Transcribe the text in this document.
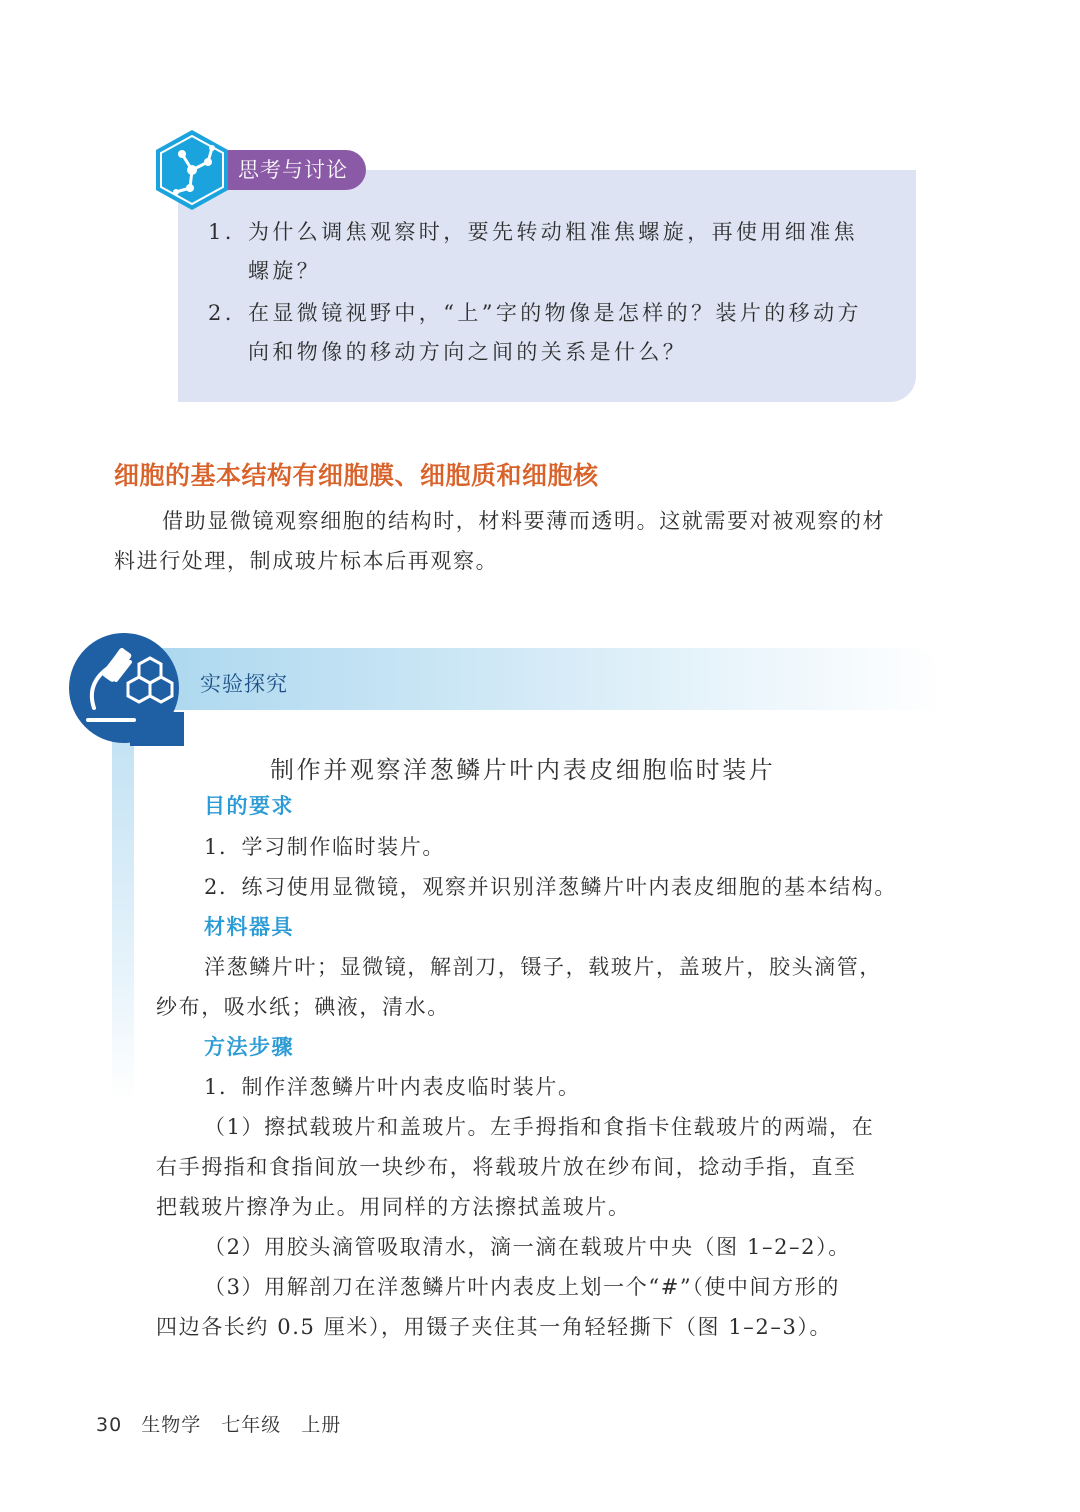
思考与讨论
1. 为什么调焦观察时，要先转动粗准焦螺旋，再使用细准焦
螺旋？
2. 在显微镜视野中，“上”字的物像是怎样的？装片的移动方
向和物像的移动方向之间的关系是什么？
细胞的基本结构有细胞膜、细胞质和细胞核
借助显微镜观察细胞的结构时，材料要薄而透明。这就需要对被观察的材
料进行处理，制成玻片标本后再观察。
实验探究
制作并观察洋葱鳞片叶内表皮细胞临时装片
目的要求
1．学习制作临时装片。
2．练习使用显微镜，观察并识别洋葱鳞片叶内表皮细胞的基本结构。
材料器具
洋葱鳞片叶；显微镜，解剖刀，镊子，载玻片，盖玻片，胶头滴管，
纱布，吸水纸；碘液，清水。
方法步骤
1．制作洋葱鳞片叶内表皮临时装片。
（1）擦拭载玻片和盖玻片。左手拇指和食指卡住载玻片的两端，在
右手拇指和食指间放一块纱布，将载玻片放在纱布间，捻动手指，直至
把载玻片擦净为止。用同样的方法擦拭盖玻片。
（2）用胶头滴管吸取清水，滴一滴在载玻片中央（图 1–2–2）。
（3）用解剖刀在洋葱鳞片叶内表皮上划一个“#”（使中间方形的
四边各长约 0.5 厘米），用镊子夹住其一角轻轻撕下（图 1–2–3）。
30 生物学　七年级　上册
